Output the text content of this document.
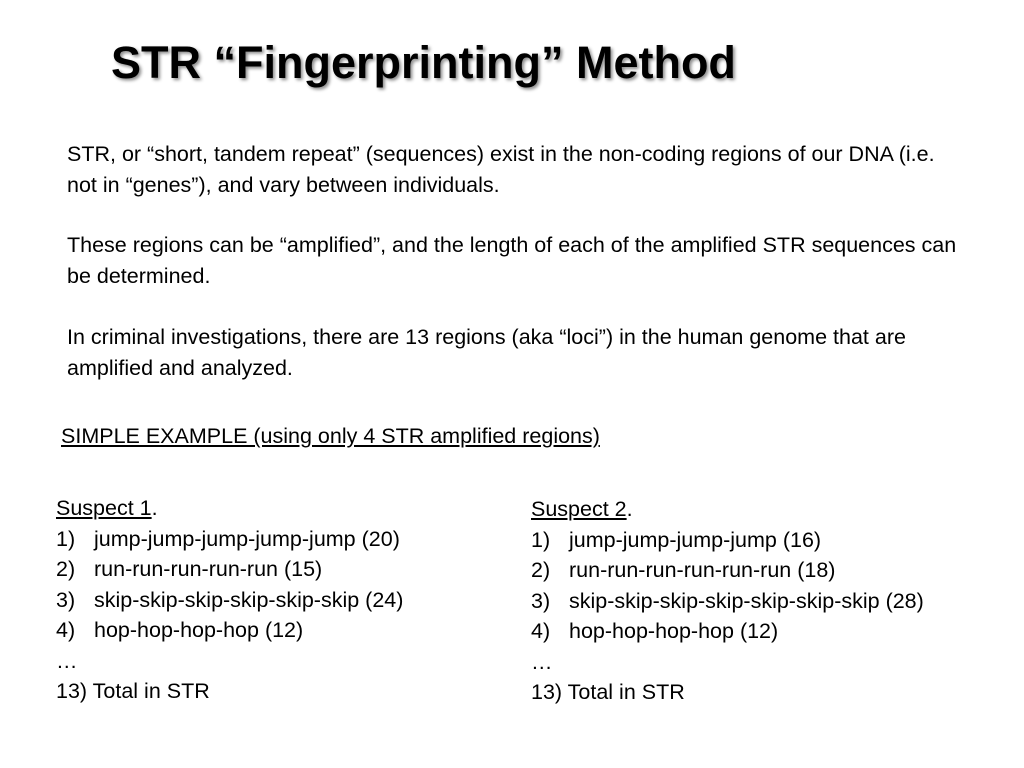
STR “Fingerprinting” Method

STR, or “short, tandem repeat” (sequences) exist in the non-coding regions of our DNA (i.e. not in “genes”), and vary between individuals.

These regions can be “amplified”, and the length of each of the amplified STR sequences can be determined.

In criminal investigations, there are 13 regions (aka “loci”) in the human genome that are amplified and analyzed.

SIMPLE EXAMPLE (using only 4 STR amplified regions)

Suspect 1.
1) jump-jump-jump-jump-jump (20)
2) run-run-run-run-run (15)
3) skip-skip-skip-skip-skip-skip (24)
4) hop-hop-hop-hop (12)
…
13) Total in STR
Suspect 2.
1) jump-jump-jump-jump (16)
2) run-run-run-run-run-run (18)
3) skip-skip-skip-skip-skip-skip-skip (28)
4) hop-hop-hop-hop (12)
…
13) Total in STR
